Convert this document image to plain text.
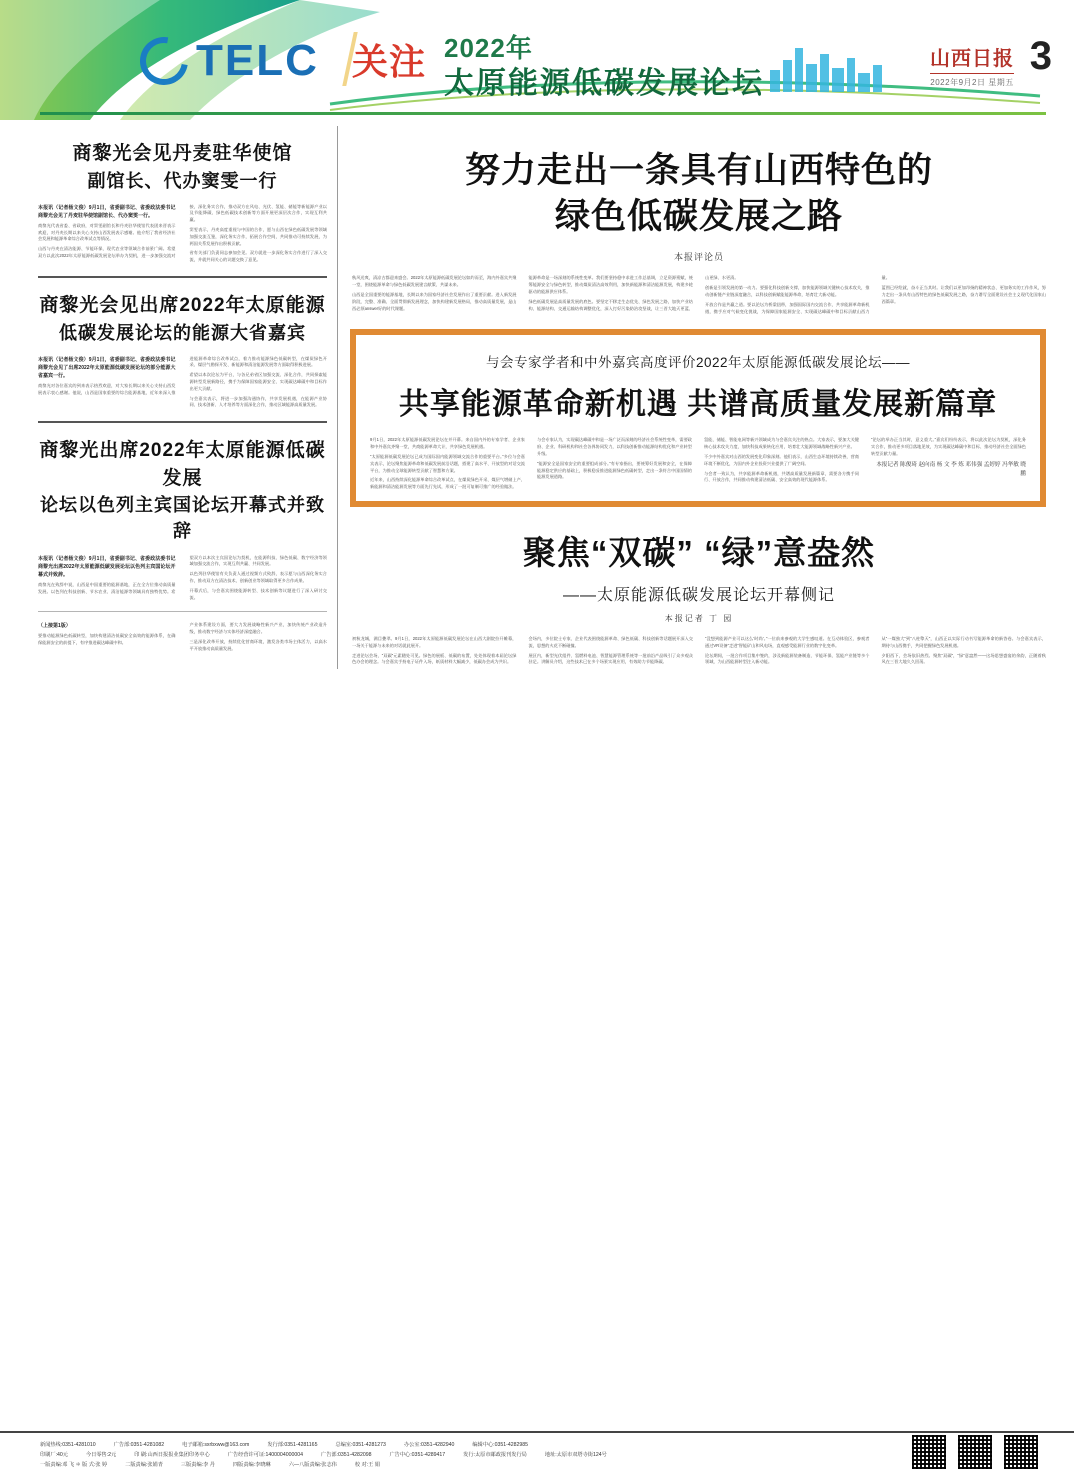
TELC 关注 2022年
太原能源低碳发展论坛
山西日报
2022年9月2日 星期五
3
商黎光会见丹麦驻华使馆
副馆长、代办窦雯一行

本报讯（记者杨文俊）9月1日，省委副书记、省委政法委书记商黎光会见了丹麦驻华使馆副馆长、代办窦雯一行。

商黎光代表省委、省政府，对窦雯副馆长和丹麦驻华使馆代表团来晋表示欢迎，对丹麦长期以来关心支持山西发展表示感谢。他介绍了我省经济社会发展和能源革命综合改革试点等情况。

山西与丹麦在清洁能源、节能环保、现代农业等领域合作前景广阔。希望双方以此次2022年太原能源低碳发展论坛举办为契机，进一步加强交流对接，深化务实合作，推动双方在风电、光伏、氢能、储能等新能源产业以及节能降碳、绿色低碳技术创新等方面开展更深层次合作，实现互利共赢。

窦雯表示，丹麦高度重视与中国的合作，愿与山西在绿色低碳发展等领域加强交流互鉴，深化务实合作，拓展合作空间，共同推动可持续发展，为两国关系发展作出积极贡献。

省有关部门负责同志参加会见。双方就进一步深化务实合作进行了深入交流，并就共同关心的议题交换了意见。

商黎光会见出席2022年太原能源
低碳发展论坛的能源大省嘉宾

本报讯（记者杨文俊）9月1日，省委副书记、省委政法委书记商黎光会见了出席2022年太原能源低碳发展论坛的部分能源大省嘉宾一行。

商黎光对各位嘉宾的到来表示热烈欢迎，对大家长期以来关心支持山西发展表示衷心感谢。他说，山西是国家重要的综合能源基地，近年来深入推进能源革命综合改革试点，着力推动能源绿色低碳转型，在煤炭绿色开采、煤层气勘探开发、新能源和清洁能源发展等方面取得积极进展。

希望以本次论坛为平台，与各兄弟省区加强交流、深化合作，共同探索能源转型发展新路径，携手为保障国家能源安全、实现碳达峰碳中和目标作出更大贡献。

与会嘉宾表示，将进一步加强沟通协作，共享发展机遇，在能源产业协同、技术创新、人才培养等方面深化合作，推动区域能源高质量发展。

商黎光出席2022年太原能源低碳发展
论坛以色列主宾国论坛开幕式并致辞

本报讯（记者杨文俊）9月1日，省委副书记、省委政法委书记商黎光出席2022年太原能源低碳发展论坛以色列主宾国论坛开幕式并致辞。

商黎光在致辞中说，山西是中国重要的能源基地，正在全方位推动高质量发展。以色列在科技创新、节水农业、清洁能源等领域具有独特优势。希望双方以本次主宾国论坛为契机，在能源科技、绿色低碳、数字经济等领域加强交流合作，实现互利共赢、共同发展。

以色列驻华使馆有关负责人通过视频方式致辞，表示愿与山西深化务实合作，推动双方在清洁技术、创新创业等领域取得更多合作成果。

开幕式后，与会嘉宾围绕能源转型、技术创新等议题进行了深入研讨交流。

（上接第1版）

要推动能源绿色低碳转型，加快构建清洁低碳安全高效的能源体系，在确保能源安全的前提下，有序推进碳达峰碳中和。

产业体系建设方面，要大力发展战略性新兴产业，加快传统产业改造升级，推动数字经济与实体经济深度融合。

三是深化改革开放，持续优化营商环境，激发各类市场主体活力，以高水平开放推动高质量发展。

努力走出一条具有山西特色的
绿色低碳发展之路
本报评论员

秋风送爽，清凉古都迎来盛会。2022年太原能源低碳发展论坛如约而至，海内外嘉宾共聚一堂，围绕能源革命与绿色低碳发展建言献策、共谋未来。

山西是全国重要的能源基地，长期以来为国家经济社会发展作出了重要贡献。进入新发展阶段，完整、准确、全面贯彻新发展理念，加快构建新发展格局，推动高质量发展，是山西必须answer好的时代课题。

能源革命是一场深刻的系统性变革。我们要坚持稳中求进工作总基调，立足资源禀赋，统筹能源安全与绿色转型，推动煤炭清洁高效利用，加快新能源和清洁能源发展，构建多轮驱动的能源供应体系。

绿色低碳发展是高质量发展的底色。要坚定不移走生态优先、绿色发展之路，加快产业结构、能源结构、交通运输结构调整优化，深入打好污染防治攻坚战，让三晋大地天更蓝、山更绿、水更清。

创新是引领发展的第一动力。要强化科技创新支撑，加快能源领域关键核心技术攻关，推动创新链产业链深度融合，以科技创新赋能能源革命，培育壮大新动能。

开放合作是共赢之道。要以论坛为桥梁纽带，加强国际国内交流合作，共享能源革命新机遇，携手应对气候变化挑战，为保障国家能源安全、实现碳达峰碳中和目标贡献山西力量。

蓝图已经绘就，奋斗正当其时。让我们以更加昂扬的精神状态、更加务实的工作作风，努力走出一条具有山西特色的绿色低碳发展之路，奋力谱写全面建设社会主义现代化国家山西篇章。

与会专家学者和中外嘉宾高度评价2022年太原能源低碳发展论坛——
共享能源革命新机遇 共谱高质量发展新篇章

9月1日，2022年太原能源低碳发展论坛在并开幕。来自国内外的专家学者、企业家和中外嘉宾齐聚一堂，共商能源革命大计，共享绿色发展机遇。

“太原能源低碳发展论坛已成为国际国内能源领域交流合作的重要平台。”多位与会嘉宾表示，论坛聚焦能源革命和低碳发展前沿话题，搭建了高水平、开放型的对话交流平台，为推动全球能源转型贡献了智慧和方案。

近年来，山西持续深化能源革命综合改革试点，在煤炭绿色开采、煤层气增储上产、新能源和清洁能源发展等方面先行先试，形成了一批可复制可推广的经验做法。

与会专家认为，实现碳达峰碳中和是一场广泛而深刻的经济社会系统性变革，需要政府、企业、科研机构和社会各界协同发力，以科技创新推动能源结构优化和产业转型升级。

“能源安全是国家安全的重要组成部分。”有专家指出，要统筹好发展和安全，在保障能源稳定供应的基础上，积极稳妥推进能源绿色低碳转型，走出一条符合中国国情的能源发展道路。

氢能、储能、智能电网等新兴领域成为与会嘉宾关注的热点。大家表示，要加大关键核心技术攻关力度，加快科技成果转化应用，培育壮大能源领域战略性新兴产业。

不少中外嘉宾对山西的发展变化印象深刻。他们表示，山西生态环境持续改善，营商环境不断优化，为国内外企业投资兴业提供了广阔空间。

与会者一致认为，共享能源革命新机遇，共谱高质量发展新篇章，需要各方携手同行、开放合作，共同推动构建清洁低碳、安全高效的现代能源体系。

“论坛的举办正当其时，意义重大。”嘉宾们纷纷表示，将以此次论坛为契机，深化务实合作，推动更多项目落地见效，为实现碳达峰碳中和目标、推动经济社会全面绿色转型贡献力量。

本报记者 陈俊琦 赵向南 杨 文 李 炼 邓伟强 孟婷婷 冯华敏 晓 鹏

聚焦“双碳” “绿”意盎然
——太原能源低碳发展论坛开幕侧记
本报记者 丁 园

初秋龙城，满目叠翠。9月1日，2022年太原能源低碳发展论坛在山西大剧院拉开帷幕，一场关于能源与未来的对话就此展开。

走进论坛会场，“双碳”元素随处可见。绿色的展板、低碳的布置，处处体现着本届论坛绿色办会的理念。与会嘉宾手持电子证件入场，纸质材料大幅减少，低碳办会成为共识。

会场内，多位院士专家、企业代表围绕能源革命、绿色低碳、科技创新等话题展开深入交流，思想的火花不断碰撞。

展区内，新型光伏组件、氢燃料电池、智慧能源管理系统等一批前沿产品吸引了众多观众驻足。讲解员介绍，这些技术已在多个场景实现应用，有效助力节能降碳。

“没想到能源产业可以这么‘时尚’。”一位前来参观的大学生感叹道。在互动体验区，参观者通过VR设备“走进”智能矿山和风电场，直观感受能源行业的数字化变革。

论坛期间，一批合作项目集中签约，涉及新能源装备制造、节能环保、氢能产业链等多个领域，为山西能源转型注入新动能。

从“一煤独大”到“八柱擎天”，山西正以实际行动书写能源革命的新答卷。与会嘉宾表示，期待与山西携手，共同把握绿色发展机遇。

夕阳西下，会场依旧热烈。聚焦“双碳”，“绿”意盎然——这场思想盛宴的余韵，正随着秋风在三晋大地久久回荡。

新闻热线:0351-4281010	广告部:0351-4281082	电子邮箱:sxrbxww@163.com	发行部:0351-4281165	总编室:0351-4281273	办公室:0351-4282940	编辑中心:0351-4282985
印刷厂:40元	今日零售:2元	印 刷:山西日报报业集团印务中心	广告经营许可证:1400004000004	广告部:0351-4282098	广告中心:0351-4289417	发行:太原市邮政报刊发行局	地址:太原市双塔寺街124号
一版责编:邓 飞 ＊ 版 式:张 婷	二版责编:张娟青	三版责编:李 丹	四版责编:李晓琳	六—八版责编:张志伟	校 对:王 娟
